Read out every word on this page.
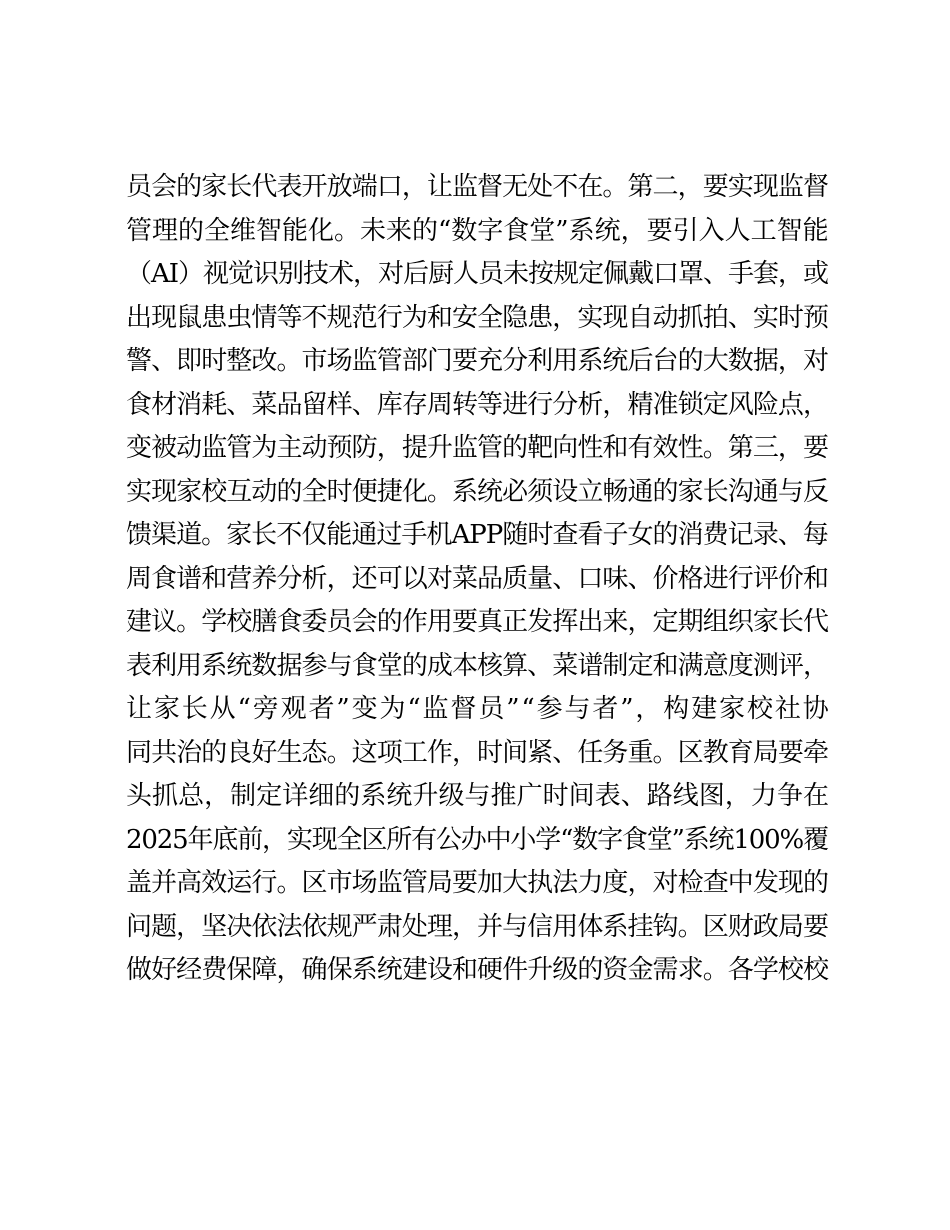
员会的家长代表开放端口，让监督无处不在。第二，要实现监督
管理的全维智能化。未来的“数字食堂”系统，要引入人工智能
（AI）视觉识别技术，对后厨人员未按规定佩戴口罩、手套，或
出现鼠患虫情等不规范行为和安全隐患，实现自动抓拍、实时预
警、即时整改。市场监管部门要充分利用系统后台的大数据，对
食材消耗、菜品留样、库存周转等进行分析，精准锁定风险点，
变被动监管为主动预防，提升监管的靶向性和有效性。第三，要
实现家校互动的全时便捷化。系统必须设立畅通的家长沟通与反
馈渠道。家长不仅能通过手机APP随时查看子女的消费记录、每
周食谱和营养分析，还可以对菜品质量、口味、价格进行评价和
建议。学校膳食委员会的作用要真正发挥出来，定期组织家长代
表利用系统数据参与食堂的成本核算、菜谱制定和满意度测评，
让家长从“旁观者”变为“监督员”“参与者”，构建家校社协
同共治的良好生态。这项工作，时间紧、任务重。区教育局要牵
头抓总，制定详细的系统升级与推广时间表、路线图，力争在
2025年底前，实现全区所有公办中小学“数字食堂”系统100%覆
盖并高效运行。区市场监管局要加大执法力度，对检查中发现的
问题，坚决依法依规严肃处理，并与信用体系挂钩。区财政局要
做好经费保障，确保系统建设和硬件升级的资金需求。各学校校
